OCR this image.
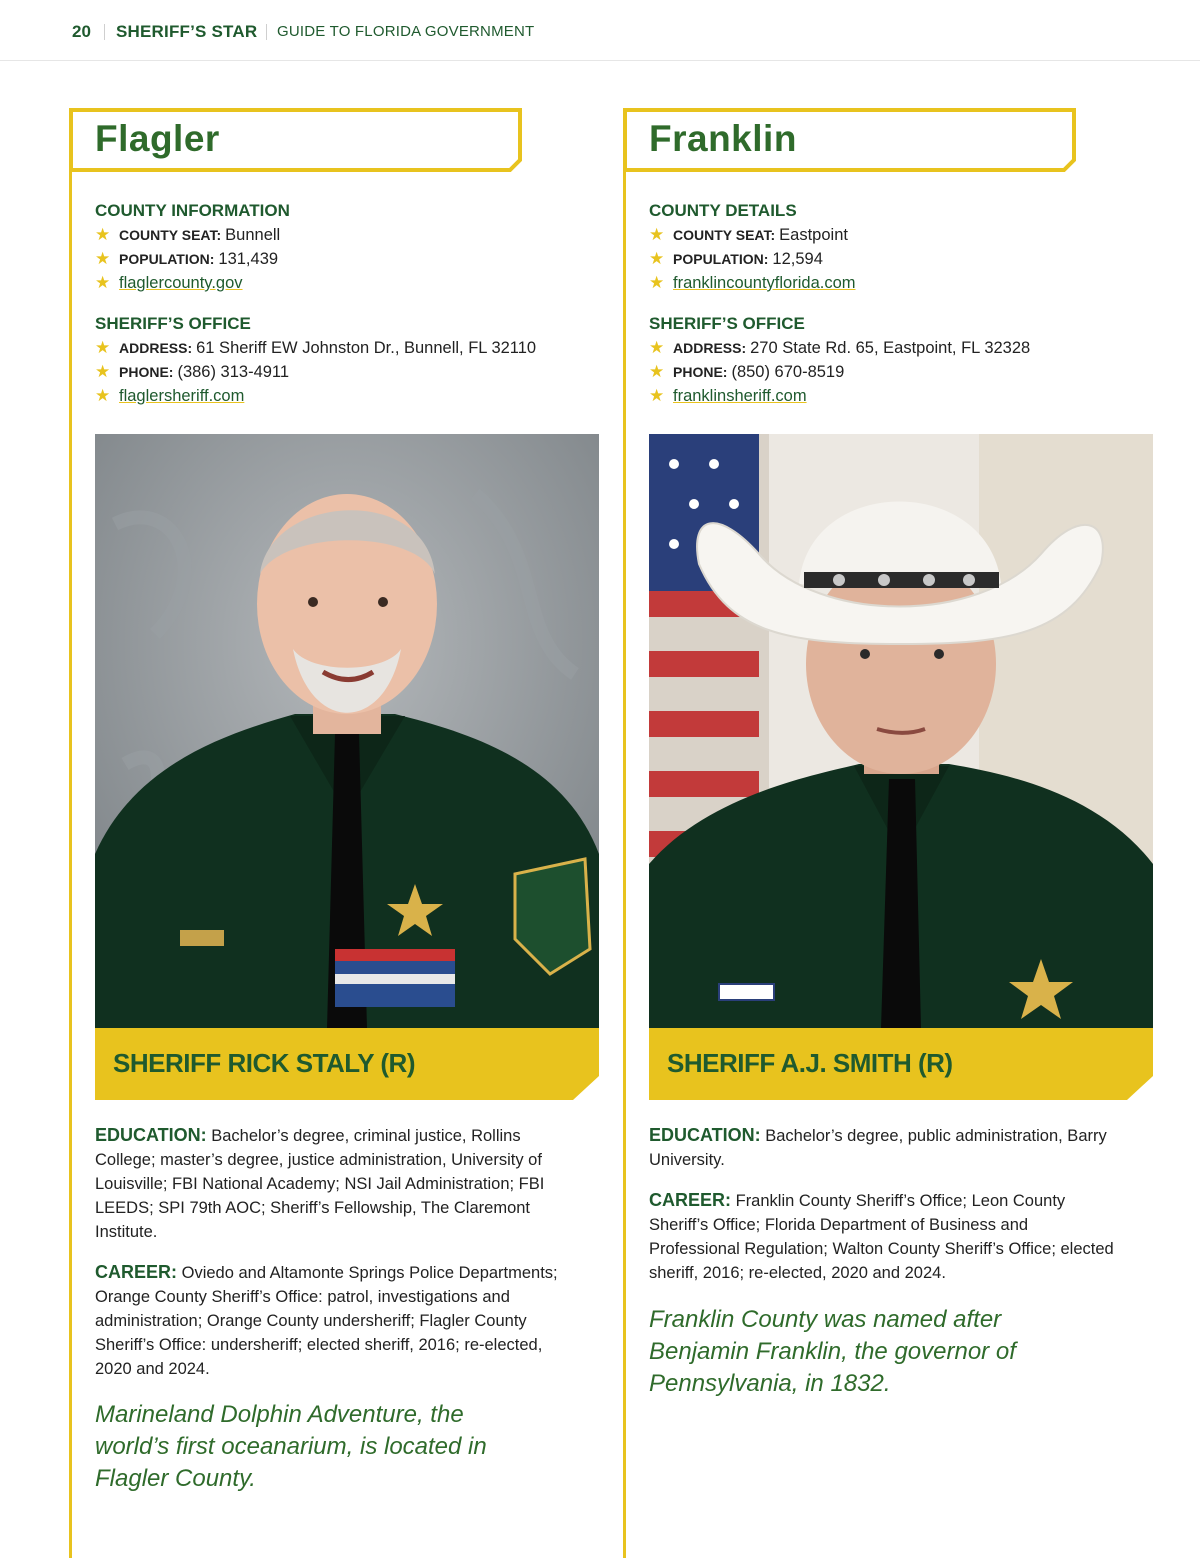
20 SHERIFF’S STAR GUIDE TO FLORIDA GOVERNMENT
Flagler
COUNTY INFORMATION
★ COUNTY SEAT: Bunnell
★ POPULATION: 131,439
★ flaglercounty.gov
SHERIFF’S OFFICE
★ ADDRESS: 61 Sheriff EW Johnston Dr., Bunnell, FL 32110
★ PHONE: (386) 313-4911
★ flaglersheriff.com
SHERIFF RICK STALY (R)
EDUCATION: Bachelor’s degree, criminal justice, Rollins College; master’s degree, justice administration, University of Louisville; FBI National Academy; NSI Jail Administration; FBI LEEDS; SPI 79th AOC; Sheriff’s Fellowship, The Claremont Institute.
CAREER: Oviedo and Altamonte Springs Police Departments; Orange County Sheriff’s Office: patrol, investigations and administration; Orange County undersheriff; Flagler County Sheriff’s Office: undersheriff; elected sheriff, 2016; re-elected, 2020 and 2024.
Marineland Dolphin Adventure, the world’s first oceanarium, is located in Flagler County.
Franklin
COUNTY DETAILS
★ COUNTY SEAT: Eastpoint
★ POPULATION: 12,594
★ franklincountyflorida.com
SHERIFF’S OFFICE
★ ADDRESS: 270 State Rd. 65, Eastpoint, FL 32328
★ PHONE: (850) 670-8519
★ franklinsheriff.com
SHERIFF A.J. SMITH (R)
EDUCATION: Bachelor’s degree, public administration, Barry University.
CAREER: Franklin County Sheriff’s Office; Leon County Sheriff’s Office; Florida Department of Business and Professional Regulation; Walton County Sheriff’s Office; elected sheriff, 2016; re-elected, 2020 and 2024.
Franklin County was named after Benjamin Franklin, the governor of Pennsylvania, in 1832.
